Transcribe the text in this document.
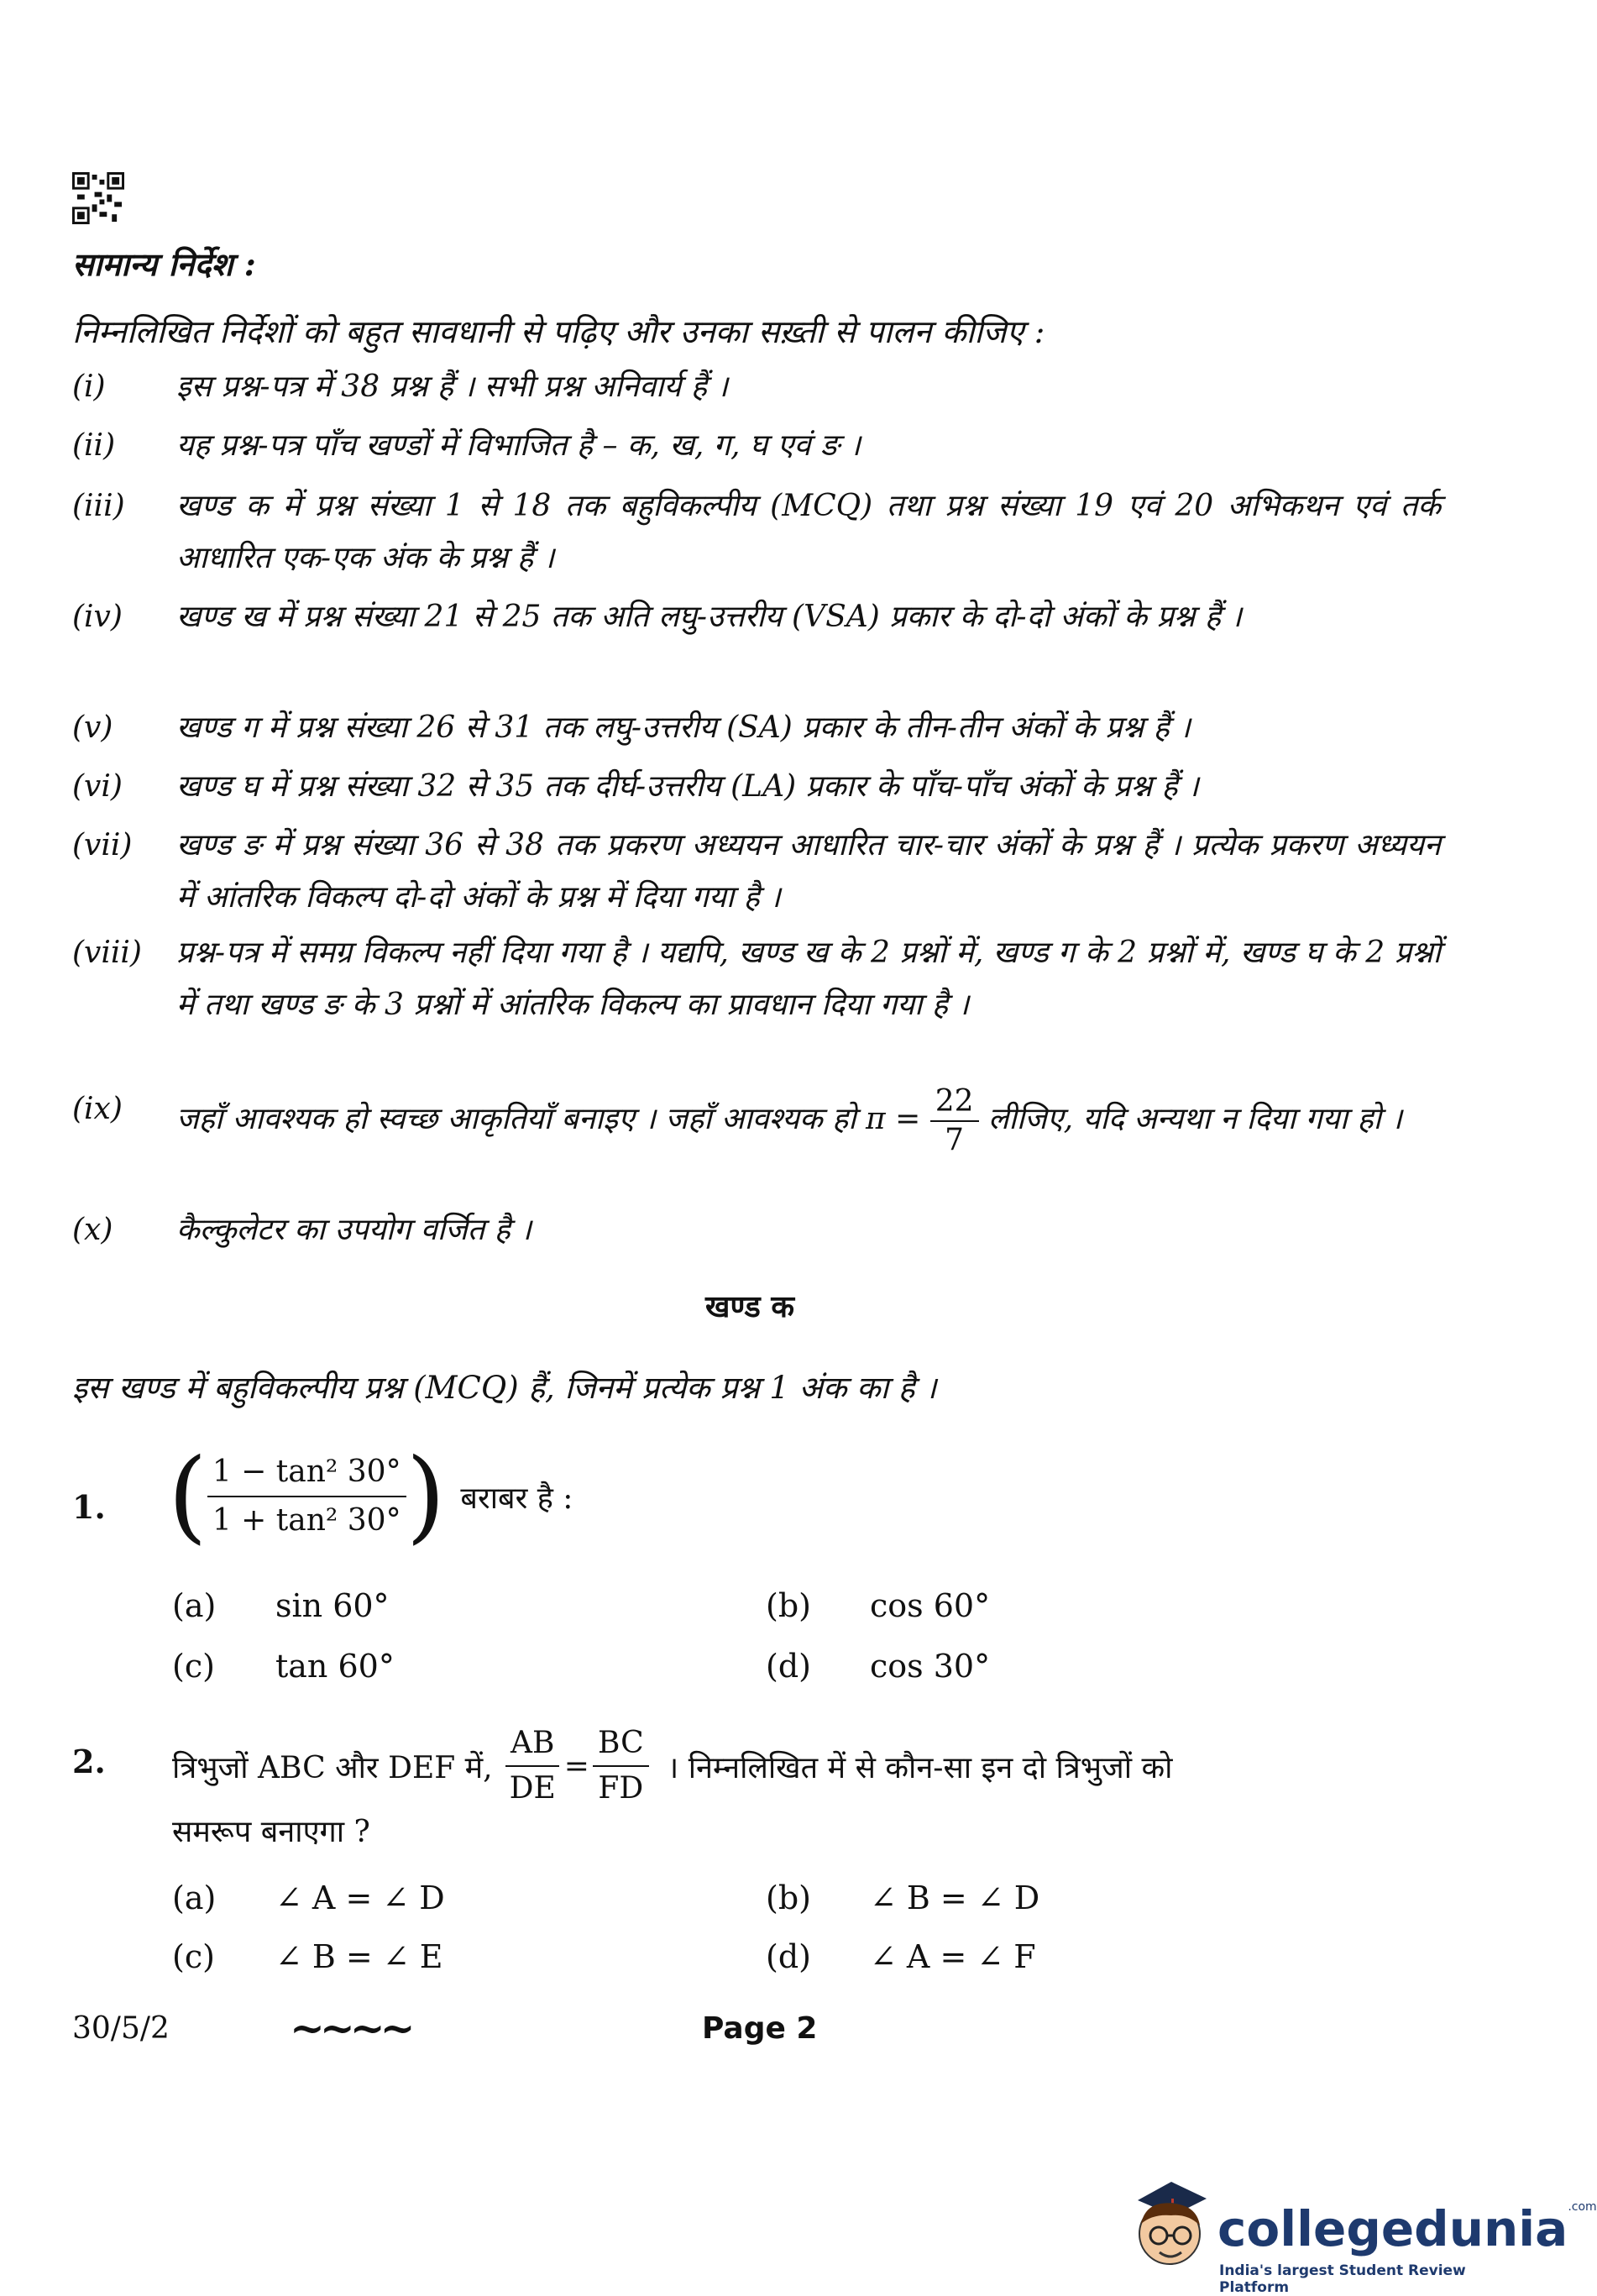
सामान्य निर्देश :
निम्नलिखित निर्देशों को बहुत सावधानी से पढ़िए और उनका सख़्ती से पालन कीजिए :
(i)	इस प्रश्न-पत्र में 38 प्रश्न हैं । सभी प्रश्न अनिवार्य हैं ।
(ii)	यह प्रश्न-पत्र पाँच खण्डों में विभाजित है – क, ख, ग, घ एवं ङ ।
(iii)	खण्ड क में प्रश्न संख्या 1 से 18 तक बहुविकल्पीय (MCQ) तथा प्रश्न संख्या 19 एवं 20 अभिकथन एवं तर्क आधारित एक-एक अंक के प्रश्न हैं ।
(iv)	खण्ड ख में प्रश्न संख्या 21 से 25 तक अति लघु-उत्तरीय (VSA) प्रकार के दो-दो अंकों के प्रश्न हैं ।
(v)	खण्ड ग में प्रश्न संख्या 26 से 31 तक लघु-उत्तरीय (SA) प्रकार के तीन-तीन अंकों के प्रश्न हैं ।
(vi)	खण्ड घ में प्रश्न संख्या 32 से 35 तक दीर्घ-उत्तरीय (LA) प्रकार के पाँच-पाँच अंकों के प्रश्न हैं ।
(vii)	खण्ड ङ में प्रश्न संख्या 36 से 38 तक प्रकरण अध्ययन आधारित चार-चार अंकों के प्रश्न हैं । प्रत्येक प्रकरण अध्ययन में आंतरिक विकल्प दो-दो अंकों के प्रश्न में दिया गया है ।
(viii)	प्रश्न-पत्र में समग्र विकल्प नहीं दिया गया है । यद्यपि, खण्ड ख के 2 प्रश्नों में, खण्ड ग के 2 प्रश्नों में, खण्ड घ के 2 प्रश्नों में तथा खण्ड ङ के 3 प्रश्नों में आंतरिक विकल्प का प्रावधान दिया गया है ।
(ix)	जहाँ आवश्यक हो स्वच्छ आकृतियाँ बनाइए । जहाँ आवश्यक हो $\pi = \frac{22}{7}$ लीजिए, यदि अन्यथा न दिया गया हो ।
(x)	कैल्कुलेटर का उपयोग वर्जित है ।
खण्ड क
इस खण्ड में बहुविकल्पीय प्रश्न (MCQ) हैं, जिनमें प्रत्येक प्रश्न 1 अंक का है ।
1. ( $\frac{\text{1 − tan² 30°}}{\text{1 + tan² 30°}}$ ) बराबर है :
(a) sin 60°	(b) cos 60°
(c) tan 60°	(d) cos 30°
2. त्रिभुजों ABC और DEF में, $\frac{AB}{DE} = \frac{BC}{FD}$ । निम्नलिखित में से कौन-सा इन दो त्रिभुजों को
समरूप बनाएगा ?
(a) ∠ A = ∠ D	(b) ∠ B = ∠ D
(c) ∠ B = ∠ E	(d) ∠ A = ∠ F
30/5/2	~~~~	Page 2
collegedunia$^{.com}$
India's largest Student Review Platform
